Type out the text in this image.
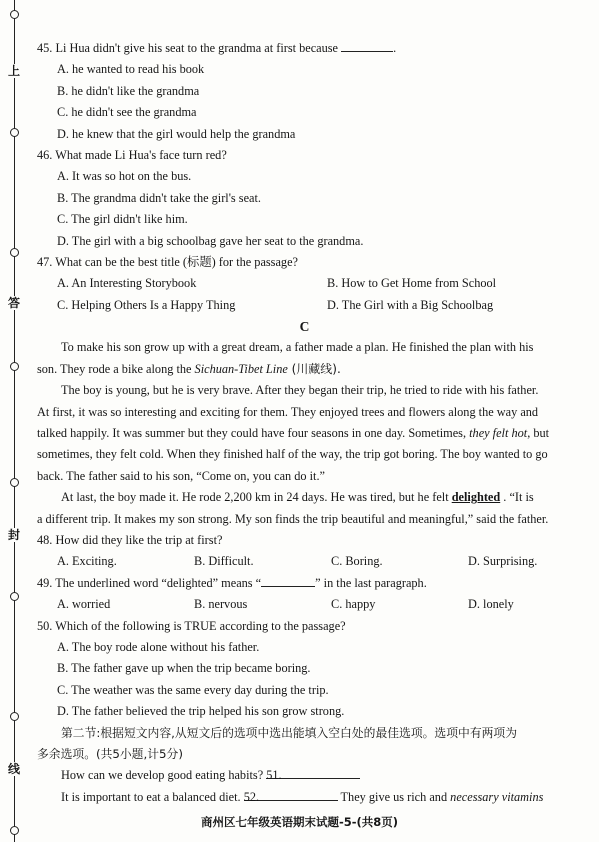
上
答
封
线
45. Li Hua didn't give his seat to the grandma at first because	.
A. he wanted to read his book
B. he didn't like the grandma
C. he didn't see the grandma
D. he knew that the girl would help the grandma
46. What made Li Hua's face turn red?
A. It was so hot on the bus.
B. The grandma didn't take the girl's seat.
C. The girl didn't like him.
D. The girl with a big schoolbag gave her seat to the grandma.
47. What can be the best title (标题) for the passage?
A. An Interesting Storybook	B. How to Get Home from School
C. Helping Others Is a Happy Thing	D. The Girl with a Big Schoolbag
C
To make his son grow up with a great dream, a father made a plan. He finished the plan with his
son. They rode a bike along the Sichuan-Tibet Line (川藏线).
The boy is young, but he is very brave. After they began their trip, he tried to ride with his father.
At first, it was so interesting and exciting for them. They enjoyed trees and flowers along the way and
talked happily. It was summer but they could have four seasons in one day. Sometimes, they felt hot, but
sometimes, they felt cold. When they finished half of the way, the trip got boring. The boy wanted to go
back. The father said to his son, “Come on, you can do it.”
At last, the boy made it. He rode 2,200 km in 24 days. He was tired, but he felt delighted . “It is
a different trip. It makes my son strong. My son finds the trip beautiful and meaningful,” said the father.
48. How did they like the trip at first?
A. Exciting.	B. Difficult.	C. Boring.	D. Surprising.
49. The underlined word “delighted” means “	” in the last paragraph.
A. worried	B. nervous	C. happy	D. lonely
50. Which of the following is TRUE according to the passage?
A. The boy rode alone without his father.
B. The father gave up when the trip became boring.
C. The weather was the same every day during the trip.
D. The father believed the trip helped his son grow strong.
第二节:根据短文内容,从短文后的选项中选出能填入空白处的最佳选项。选项中有两项为
多余选项。(共5小题,计5分)
How can we develop good eating habits? 51.
It is important to eat a balanced diet. 52.	They give us rich and necessary vitamins
商州区七年级英语期末试题-5-(共8页)
